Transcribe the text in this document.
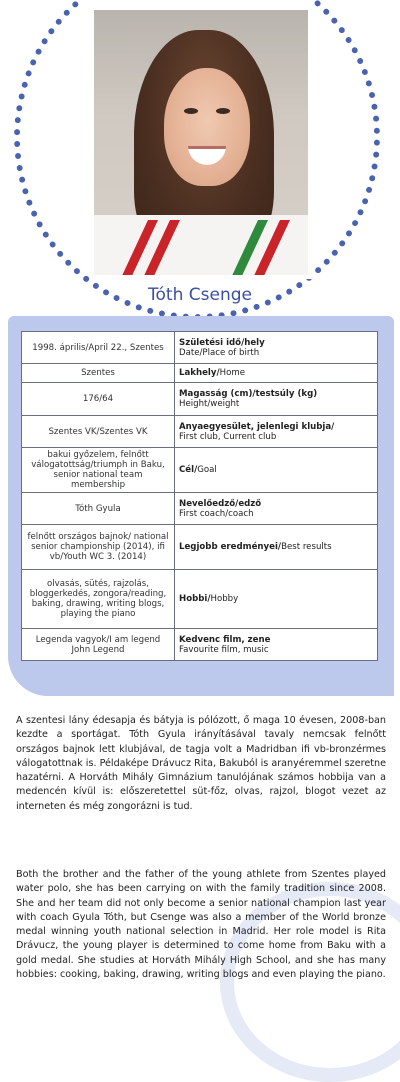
Tóth Csenge
1998. április/April 22., Szentes	Születési idő/hely
Date/Place of birth
Szentes	Lakhely/Home
176/64	Magasság (cm)/testsúly (kg)
Height/weight
Szentes VK/Szentes VK	Anyaegyesület, jelenlegi klubja/
First club, Current club
bakui győzelem, felnőtt válogatottság/triumph in Baku, senior national team membership	Cél/Goal
Tóth Gyula	Nevelőedző/edző
First coach/coach
felnőtt országos bajnok/ national senior championship (2014), ifi vb/Youth WC 3. (2014)	Legjobb eredményei/Best results
olvasás, sütés, rajzolás, bloggerkedés, zongora/reading, baking, drawing, writing blogs, playing the piano	Hobbi/Hobby
Legenda vagyok/I am legend John Legend	Kedvenc film, zene
Favourite film, music

A szentesi lány édesapja és bátyja is pólózott, ő maga 10 évesen, 2008-ban kezdte a sportágat. Tóth Gyula irányításával tavaly nemcsak felnőtt országos bajnok lett klubjával, de tagja volt a Madridban ifi vb-bronzérmes válogatottnak is. Példaképe Drávucz Rita, Bakuból is aranyéremmel szeretne hazatérni. A Horváth Mihály Gimnázium tanulójának számos hobbija van a medencén kívül is: előszeretettel süt-főz, olvas, rajzol, blogot vezet az interneten és még zongorázni is tud.

Both the brother and the father of the young athlete from Szentes played water polo, she has been carrying on with the family tradition since 2008. She and her team did not only become a senior national champion last year with coach Gyula Tóth, but Csenge was also a member of the World bronze medal winning youth national selection in Madrid. Her role model is Rita Drávucz, the young player is determined to come home from Baku with a gold medal. She studies at Horváth Mihály High School, and she has many hobbies: cooking, baking, drawing, writing blogs and even playing the piano.
